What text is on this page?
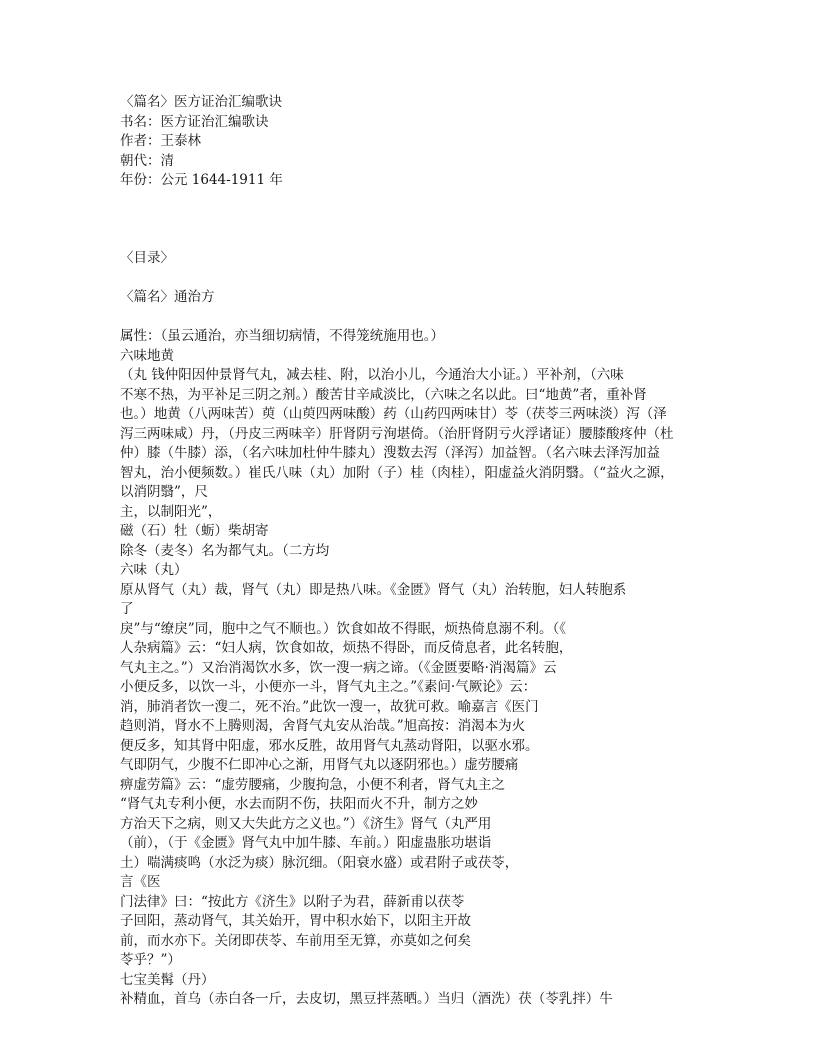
〈篇名〉医方证治汇编歌诀
书名：医方证治汇编歌诀
作者：王泰林
朝代：清
年份：公元 1644-1911 年
〈目录〉
〈篇名〉通治方
属性：（虽云通治，亦当细切病情，不得笼统施用也。）
六味地黄
（丸 钱仲阳因仲景肾气丸，减去桂、附，以治小儿，今通治大小证。）平补剂，（六味
不寒不热，为平补足三阴之剂。）酸苦甘辛咸淡比，（六味之名以此。曰“地黄”者，重补肾
也。）地黄（八两味苦）萸（山萸四两味酸）药（山药四两味甘）苓（茯苓三两味淡）泻（泽
泻三两味咸）丹，（丹皮三两味辛）肝肾阴亏洵堪倚。（治肝肾阴亏火浮诸证）腰膝酸疼仲（杜
仲）膝（牛膝）添，（名六味加杜仲牛膝丸）溲数去泻（泽泻）加益智。（名六味去泽泻加益
智丸，治小便频数。）崔氏八味（丸）加附（子）桂（肉桂），阳虚益火消阴翳。（“益火之源，
以消阴翳”，尺
主，以制阳光”，
磁（石）牡（蛎）柴胡寄
除冬（麦冬）名为都气丸。（二方均
六味（丸）
原从肾气（丸）裁，肾气（丸）即是热八味。《金匮》肾气（丸）治转胞，妇人转胞系
了
戾”与“缭戾”同，胞中之气不顺也。）饮食如故不得眠，烦热倚息溺不利。（《
人杂病篇》云：“妇人病，饮食如故，烦热不得卧，而反倚息者，此名转胞，
气丸主之。”）又治消渴饮水多，饮一溲一病之谛。（《金匮要略·消渴篇》云
小便反多，以饮一斗，小便亦一斗，肾气丸主之。”《素问·气厥论》云：
消，肺消者饮一溲二，死不治。”此饮一溲一，故犹可救。喻嘉言《医门
趋则消，肾水不上腾则渴，舍肾气丸安从治哉。”旭高按：消渴本为火
便反多，知其肾中阳虚，邪水反胜，故用肾气丸蒸动肾阳，以驱水邪。
气即阴气，少腹不仁即冲心之渐，用肾气丸以逐阴邪也。）虚劳腰痛
痹虚劳篇》云：“虚劳腰痛，少腹拘急，小便不利者，肾气丸主之
“肾气丸专利小便，水去而阴不伤，扶阳而火不升，制方之妙
方治天下之病，则又大失此方之义也。”）《济生》肾气（丸严用
（前），（于《金匮》肾气丸中加牛膝、车前。）阳虚蛊胀功堪诣
土）喘满痰鸣（水泛为痰）脉沉细。（阳衰水盛）或君附子或茯苓，
言《医
门法律》曰：“按此方《济生》以附子为君，薛新甫以茯苓
子回阳，蒸动肾气，其关始开，胃中积水始下，以阳主开故
前，而水亦下。关闭即茯苓、车前用至无算，亦莫如之何矣
苓乎？”）
七宝美髯（丹）
补精血，首乌（赤白各一斤，去皮切，黑豆拌蒸晒。）当归（酒洗）茯（苓乳拌）牛
